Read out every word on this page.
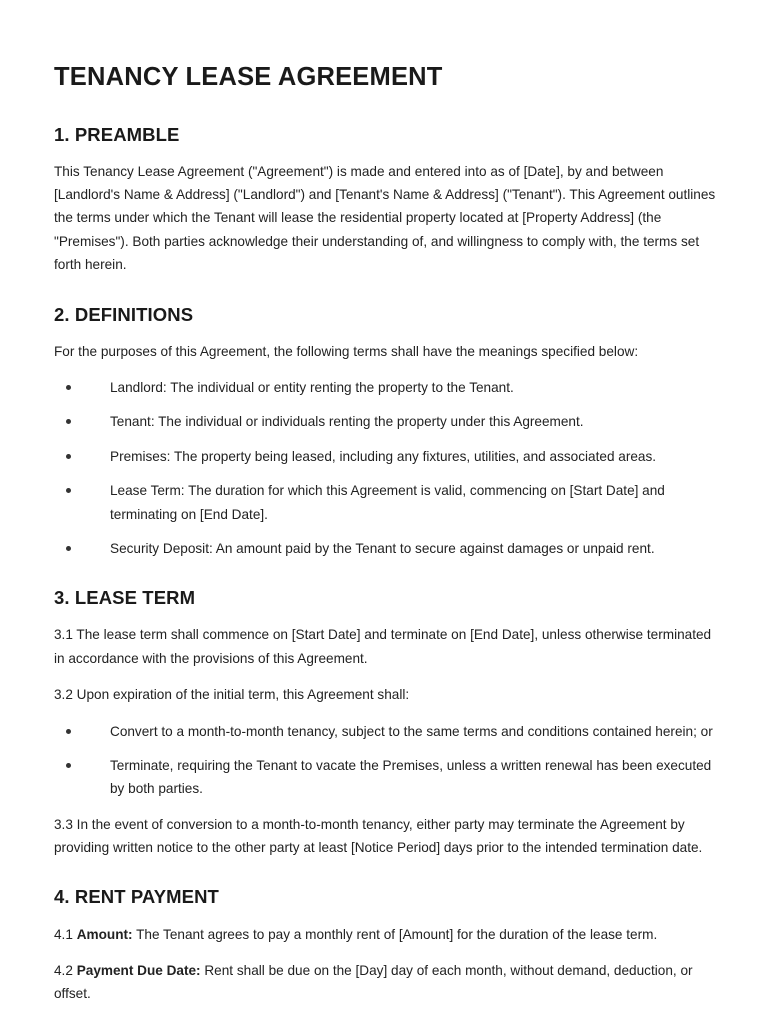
TENANCY LEASE AGREEMENT
1. PREAMBLE

This Tenancy Lease Agreement ("Agreement") is made and entered into as of [Date], by and between [Landlord's Name & Address] ("Landlord") and [Tenant's Name & Address] ("Tenant"). This Agreement outlines the terms under which the Tenant will lease the residential property located at [Property Address] (the "Premises"). Both parties acknowledge their understanding of, and willingness to comply with, the terms set forth herein.

2. DEFINITIONS

For the purposes of this Agreement, the following terms shall have the meanings specified below:

Landlord: The individual or entity renting the property to the Tenant.
Tenant: The individual or individuals renting the property under this Agreement.
Premises: The property being leased, including any fixtures, utilities, and associated areas.
Lease Term: The duration for which this Agreement is valid, commencing on [Start Date] and terminating on [End Date].
Security Deposit: An amount paid by the Tenant to secure against damages or unpaid rent.
3. LEASE TERM

3.1 The lease term shall commence on [Start Date] and terminate on [End Date], unless otherwise terminated in accordance with the provisions of this Agreement.

3.2 Upon expiration of the initial term, this Agreement shall:

Convert to a month-to-month tenancy, subject to the same terms and conditions contained herein; or
Terminate, requiring the Tenant to vacate the Premises, unless a written renewal has been executed by both parties.

3.3 In the event of conversion to a month-to-month tenancy, either party may terminate the Agreement by providing written notice to the other party at least [Notice Period] days prior to the intended termination date.

4. RENT PAYMENT

4.1 Amount: The Tenant agrees to pay a monthly rent of [Amount] for the duration of the lease term.

4.2 Payment Due Date: Rent shall be due on the [Day] day of each month, without demand, deduction, or offset.
